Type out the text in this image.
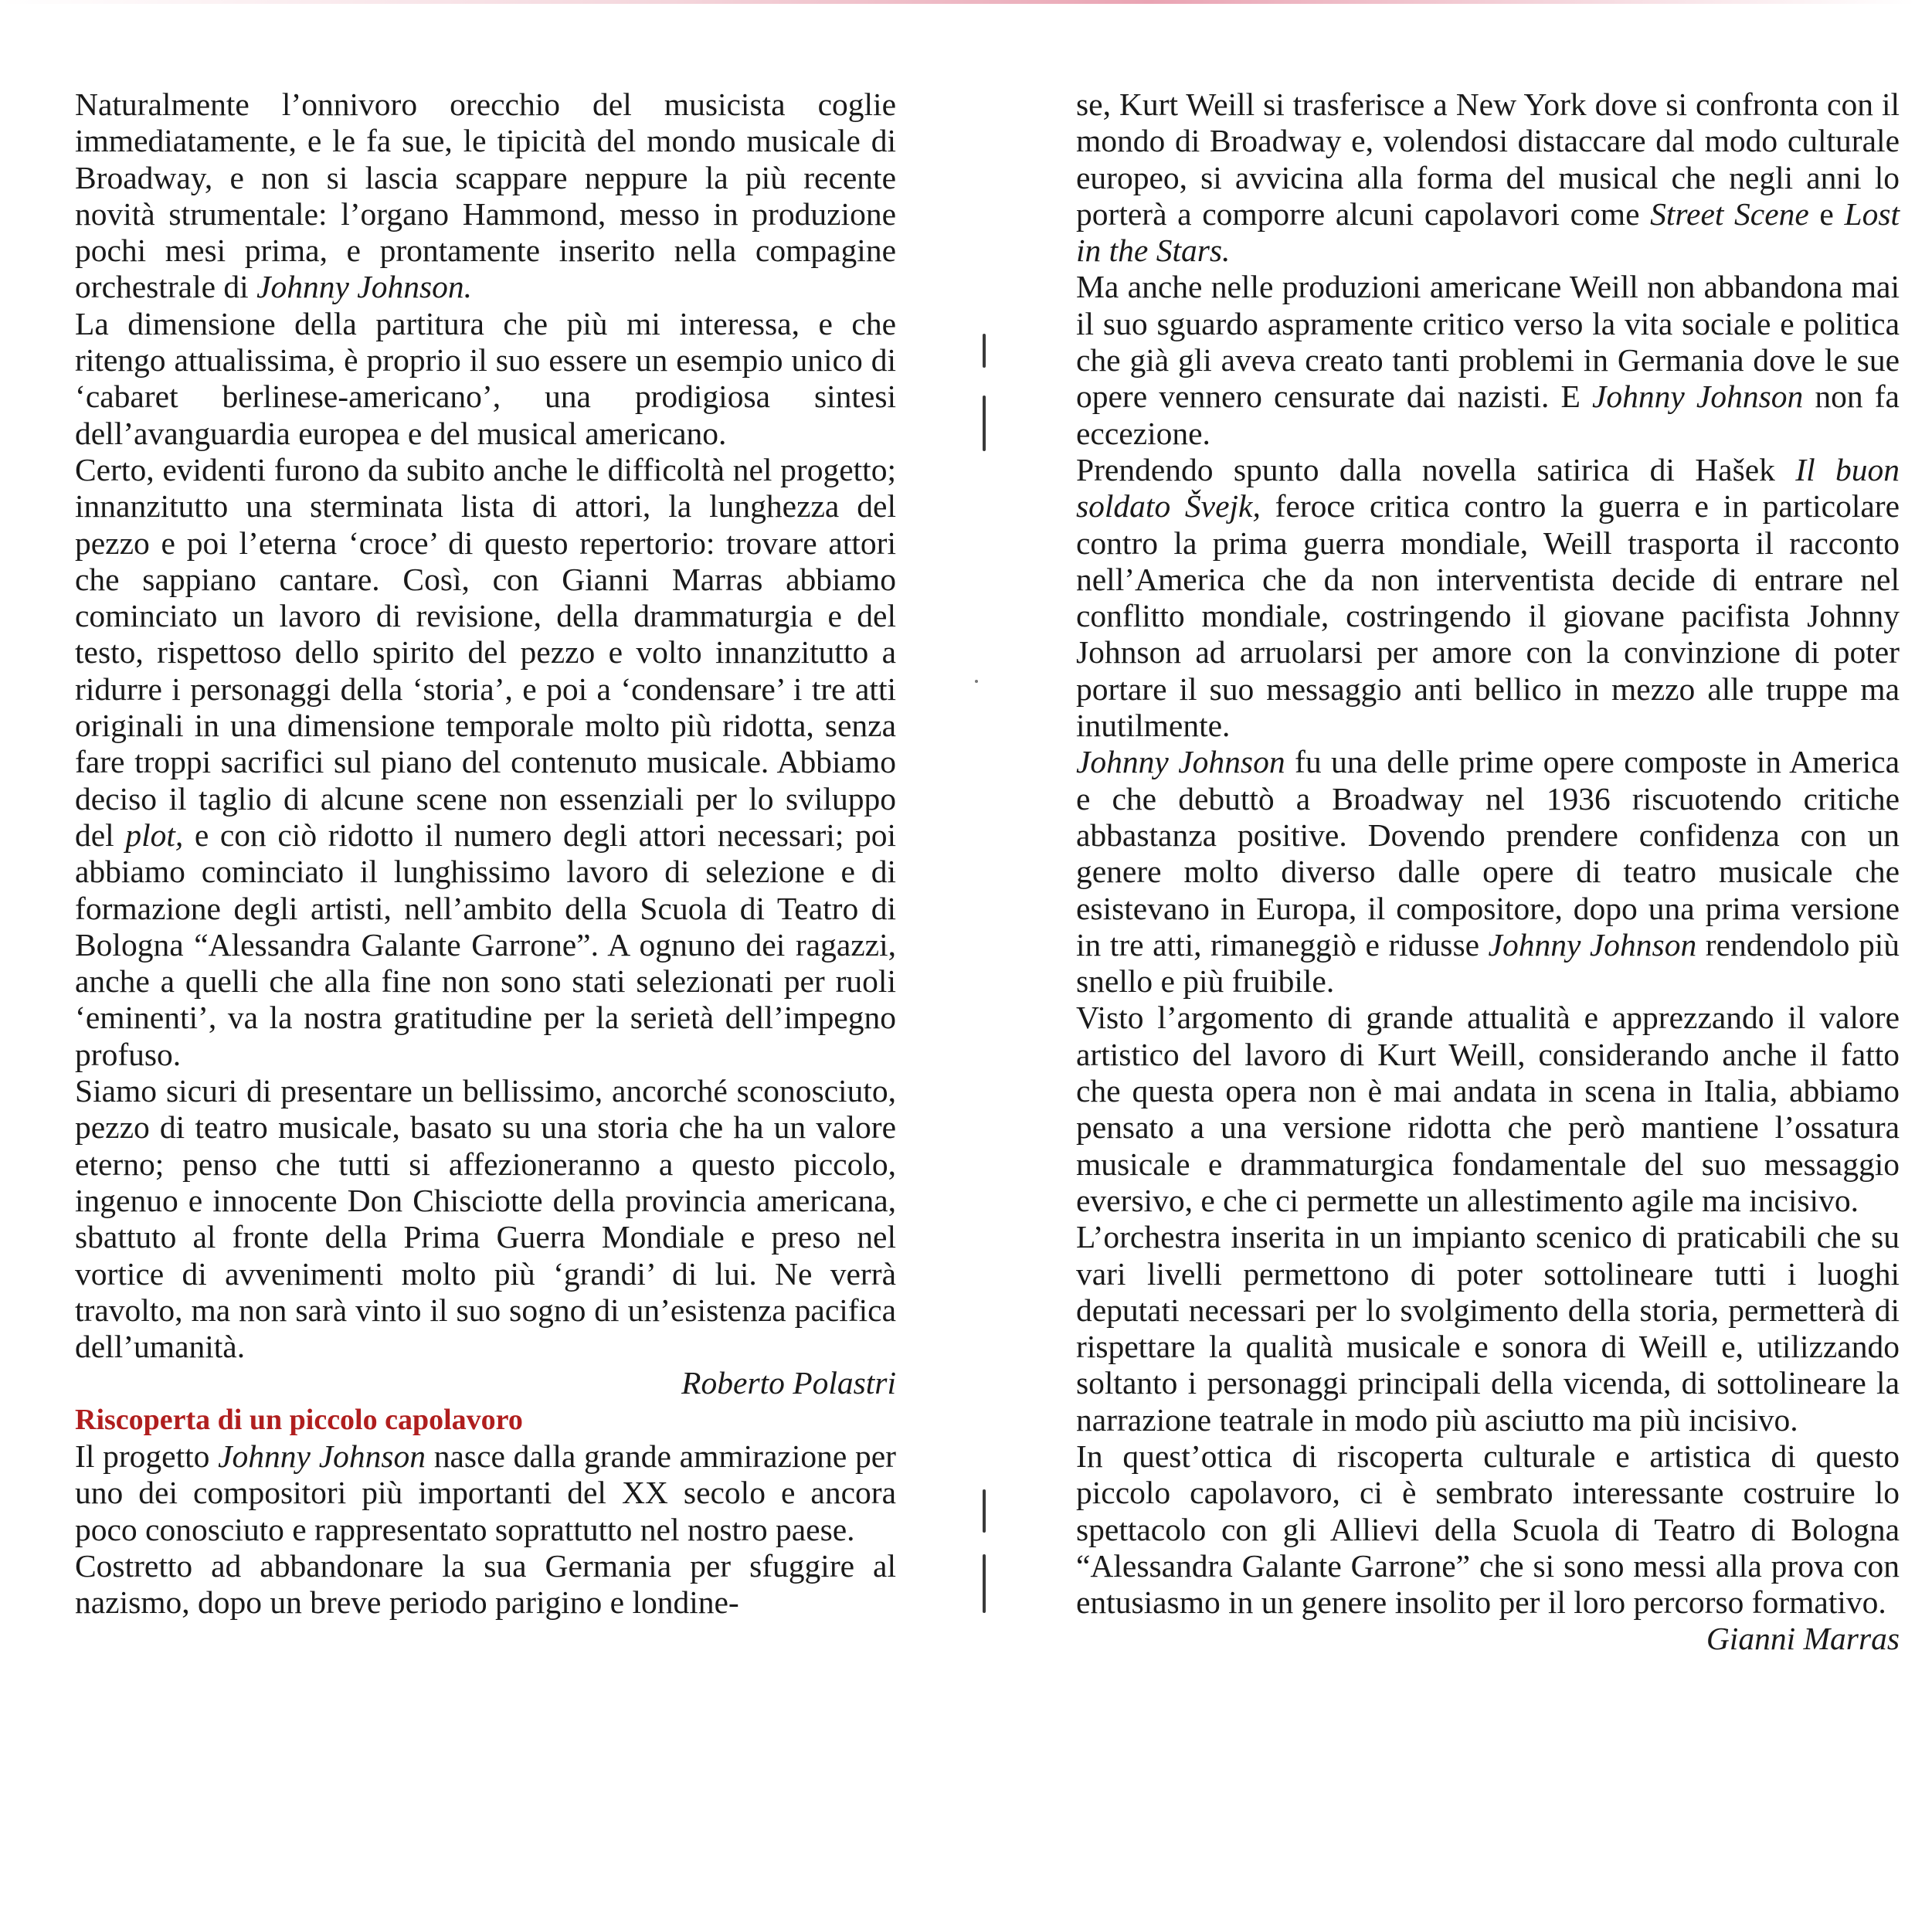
Naturalmente l’onnivoro orecchio del musicista coglie immediatamente, e le fa sue, le tipicità del mondo musicale di Broadway, e non si lascia scappare neppure la più recente novità strumentale: l’organo Hammond, messo in produzione pochi mesi prima, e prontamente inserito nella compagine orchestrale di Johnny Johnson.

La dimensione della partitura che più mi interessa, e che ritengo attualissima, è proprio il suo essere un esempio unico di ‘cabaret berlinese-americano’, una prodigiosa sintesi dell’avanguardia europea e del musical americano.

Certo, evidenti furono da subito anche le difficoltà nel progetto; innanzitutto una sterminata lista di attori, la lunghezza del pezzo e poi l’eterna ‘croce’ di questo repertorio: trovare attori che sappiano cantare. Così, con Gianni Marras abbiamo cominciato un lavoro di revisione, della drammaturgia e del testo, rispettoso dello spirito del pezzo e volto innanzitutto a ridurre i personaggi della ‘storia’, e poi a ‘condensare’ i tre atti originali in una dimensione temporale molto più ridotta, senza fare troppi sacrifici sul piano del contenuto musicale. Abbiamo deciso il taglio di alcune scene non essenziali per lo sviluppo del plot, e con ciò ridotto il numero degli attori necessari; poi abbiamo cominciato il lunghissimo lavoro di selezione e di formazione degli artisti, nell’ambito della Scuola di Teatro di Bologna “Alessandra Galante Garrone”. A ognuno dei ragazzi, anche a quelli che alla fine non sono stati selezionati per ruoli ‘eminenti’, va la nostra gratitudine per la serietà dell’impegno profuso.

Siamo sicuri di presentare un bellissimo, ancorché sconosciuto, pezzo di teatro musicale, basato su una storia che ha un valore eterno; penso che tutti si affezioneranno a questo piccolo, ingenuo e innocente Don Chisciotte della provincia americana, sbattuto al fronte della Prima Guerra Mondiale e preso nel vortice di avvenimenti molto più ‘grandi’ di lui. Ne verrà travolto, ma non sarà vinto il suo sogno di un’esistenza pacifica dell’umanità.

Roberto Polastri

Riscoperta di un piccolo capolavoro

Il progetto Johnny Johnson nasce dalla grande ammirazione per uno dei compositori più importanti del XX secolo e ancora poco conosciuto e rappresentato soprattutto nel nostro paese.

Costretto ad abbandonare la sua Germania per sfuggire al nazismo, dopo un breve periodo parigino e londine-

se, Kurt Weill si trasferisce a New York dove si confronta con il mondo di Broadway e, volendosi distaccare dal modo culturale europeo, si avvicina alla forma del musical che negli anni lo porterà a comporre alcuni capolavori come Street Scene e Lost in the Stars.

Ma anche nelle produzioni americane Weill non abbandona mai il suo sguardo aspramente critico verso la vita sociale e politica che già gli aveva creato tanti problemi in Germania dove le sue opere vennero censurate dai nazisti. E Johnny Johnson non fa eccezione.

Prendendo spunto dalla novella satirica di Hašek Il buon soldato Švejk, feroce critica contro la guerra e in particolare contro la prima guerra mondiale, Weill trasporta il racconto nell’America che da non interventista decide di entrare nel conflitto mondiale, costringendo il giovane pacifista Johnny Johnson ad arruolarsi per amore con la convinzione di poter portare il suo messaggio anti bellico in mezzo alle truppe ma inutilmente.

Johnny Johnson fu una delle prime opere composte in America e che debuttò a Broadway nel 1936 riscuotendo critiche abbastanza positive. Dovendo prendere confidenza con un genere molto diverso dalle opere di teatro musicale che esistevano in Europa, il compositore, dopo una prima versione in tre atti, rimaneggiò e ridusse Johnny Johnson rendendolo più snello e più fruibile.

Visto l’argomento di grande attualità e apprezzando il valore artistico del lavoro di Kurt Weill, considerando anche il fatto che questa opera non è mai andata in scena in Italia, abbiamo pensato a una versione ridotta che però mantiene l’ossatura musicale e drammaturgica fondamentale del suo messaggio eversivo, e che ci permette un allestimento agile ma incisivo.

L’orchestra inserita in un impianto scenico di praticabili che su vari livelli permettono di poter sottolineare tutti i luoghi deputati necessari per lo svolgimento della storia, permetterà di rispettare la qualità musicale e sonora di Weill e, utilizzando soltanto i personaggi principali della vicenda, di sottolineare la narrazione teatrale in modo più asciutto ma più incisivo.

In quest’ottica di riscoperta culturale e artistica di questo piccolo capolavoro, ci è sembrato interessante costruire lo spettacolo con gli Allievi della Scuola di Teatro di Bologna “Alessandra Galante Garrone” che si sono messi alla prova con entusiasmo in un genere insolito per il loro percorso formativo.

Gianni Marras
